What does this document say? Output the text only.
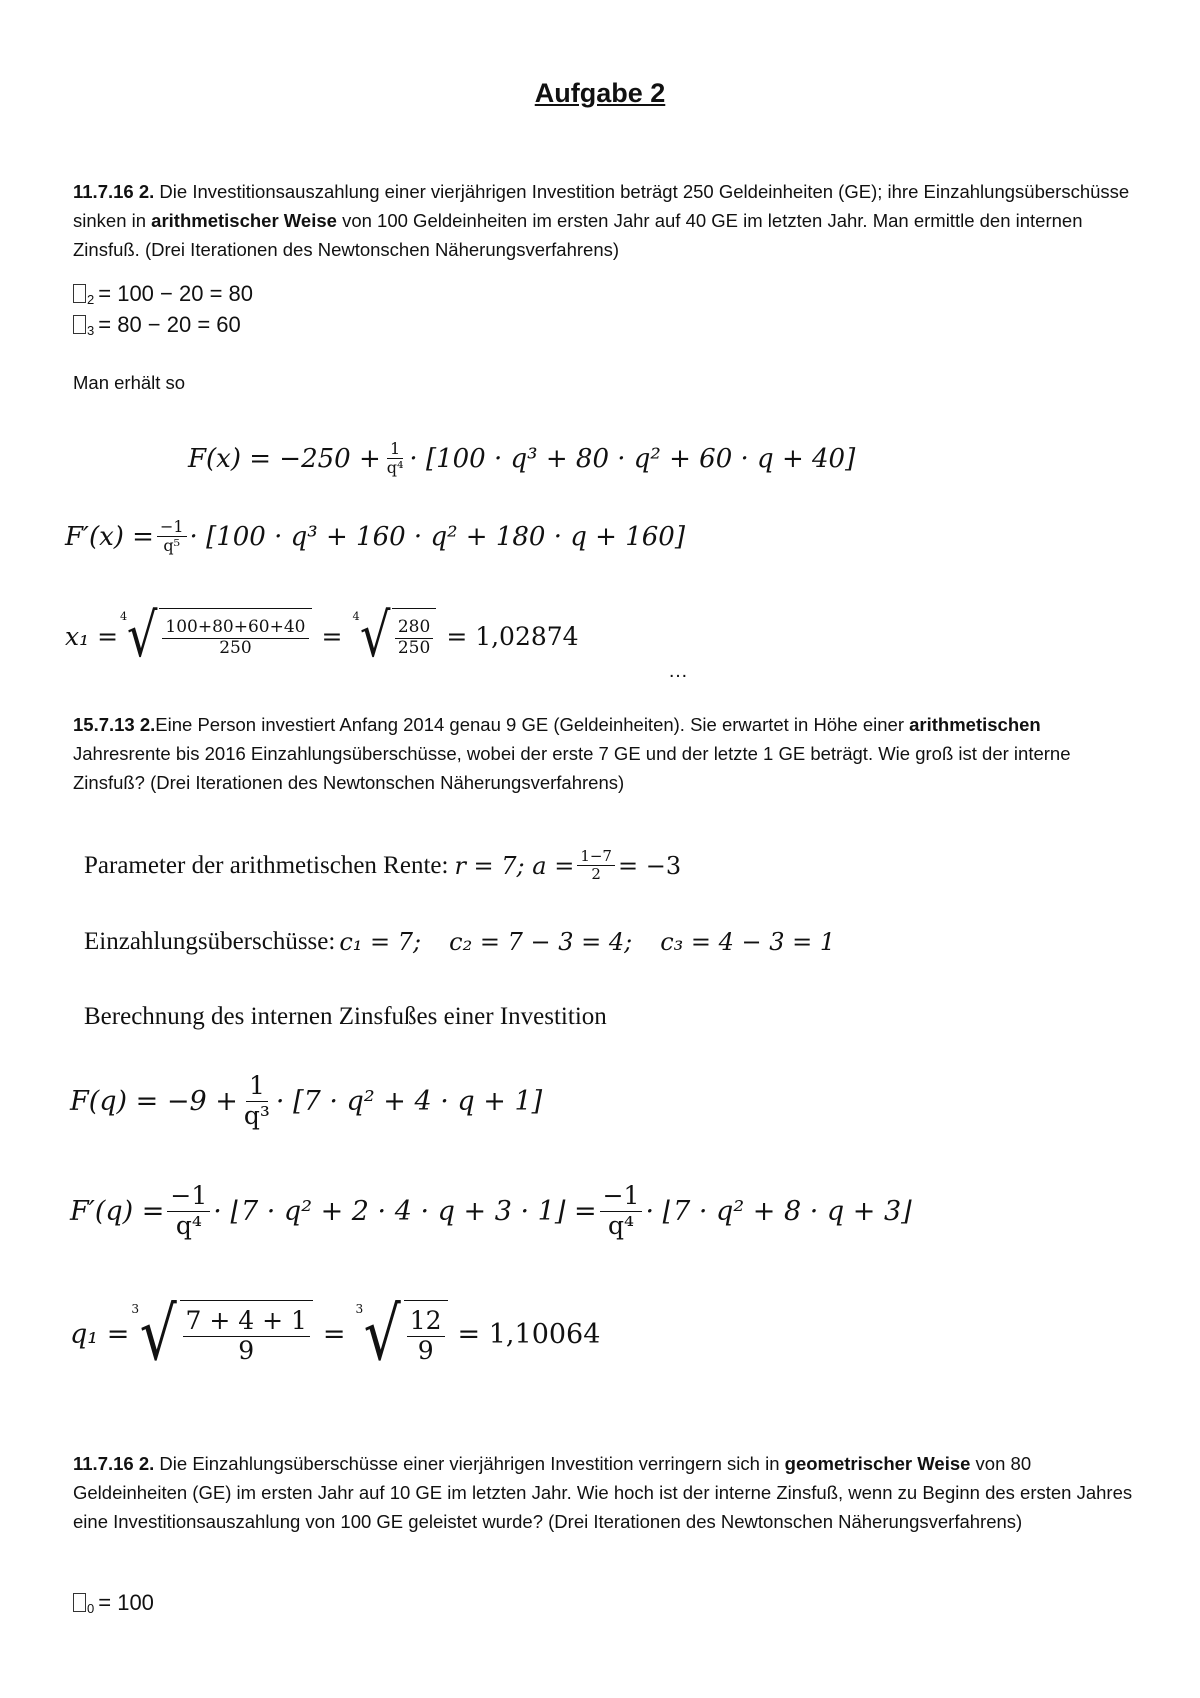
Aufgabe 2
11.7.16 2. Die Investitionsauszahlung einer vierjährigen Investition beträgt 250 Geldeinheiten (GE); ihre Einzahlungsüberschüsse sinken in arithmetischer Weise von 100 Geldeinheiten im ersten Jahr auf 40 GE im letzten Jahr. Man ermittle den internen Zinsfuß. (Drei Iterationen des Newtonschen Näherungsverfahrens)
2 = 100 − 20 = 80
3 = 80 − 20 = 60
Man erhält so
$F(x) = -250 + \frac{1}{\text{q⁴}} \cdot [100 \cdot q^3 + 80 \cdot q^2 + 60 \cdot q + 40]$
$F'(x) = \frac{-1}{\text{q⁵}} \cdot [100 \cdot q^3 + 160 \cdot q^2 + 180 \cdot q + 160]$
x₁ =
4 √ $\frac{100+80+60+40}{250}$ =
4 √ $\frac{280}{250} = 1,02874$
…
15.7.13 2.Eine Person investiert Anfang 2014 genau 9 GE (Geldeinheiten). Sie erwartet in Höhe einer arithmetischen Jahresrente bis 2016 Einzahlungsüberschüsse, wobei der erste 7 GE und der letzte 1 GE beträgt. Wie groß ist der interne Zinsfuß? (Drei Iterationen des Newtonschen Näherungsverfahrens)
Parameter der arithmetischen Rente: r = 7; $a = \frac{1-7}{2} = -3$
Einzahlungsüberschüsse: c₁ = 7; c₂ = 7 − 3 = 4; c₃ = 4 − 3 = 1
Berechnung des internen Zinsfußes einer Investition
$F(q) = -9 + \frac{1}{\text{q³}} \cdot [7 \cdot q^2 + 4 \cdot q + 1]$
$F'(q) = \frac{-1}{\text{q⁴}}$ · ⌊7 · q² + 2 · 4 · q + 3 · 1⌋ = $\frac{-1}{\text{q⁴}}$ · ⌊7 · q² + 8 · q + 3⌋
q₁ =
3 √ $\frac{7 + 4 + 1}{9}$ =
3 √ $\frac{12}{9} = 1,10064$
11.7.16 2. Die Einzahlungsüberschüsse einer vierjährigen Investition verringern sich in geometrischer Weise von 80 Geldeinheiten (GE) im ersten Jahr auf 10 GE im letzten Jahr. Wie hoch ist der interne Zinsfuß, wenn zu Beginn des ersten Jahres eine Investitionsauszahlung von 100 GE geleistet wurde? (Drei Iterationen des Newtonschen Näherungsverfahrens)
0 = 100
